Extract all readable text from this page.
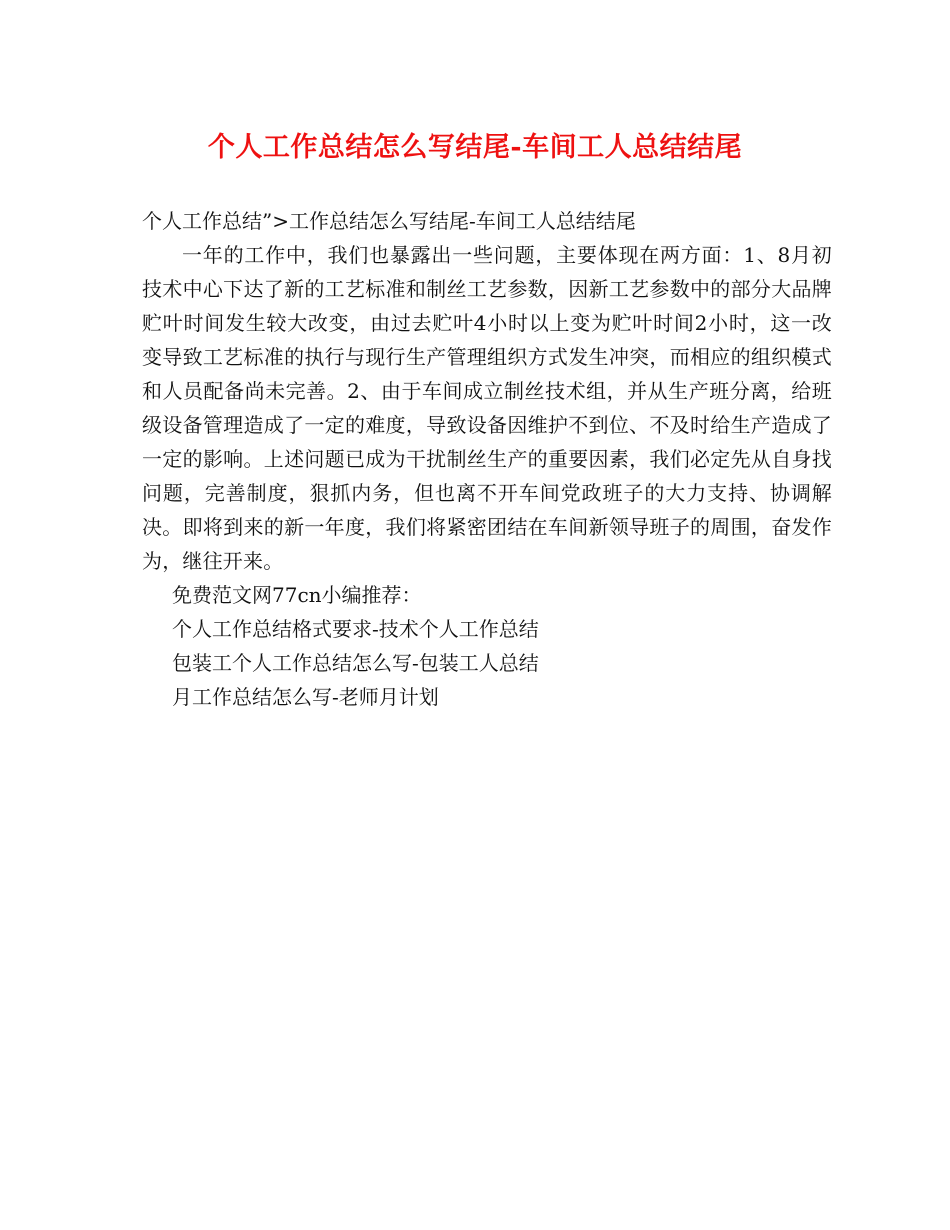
个人工作总结怎么写结尾-车间工人总结结尾

个人工作总结”>工作总结怎么写结尾-车间工人总结结尾

一年的工作中，我们也暴露出一些问题，主要体现在两方面：1、8月初技术中心下达了新的工艺标准和制丝工艺参数，因新工艺参数中的部分大品牌贮叶时间发生较大改变，由过去贮叶4小时以上变为贮叶时间2小时，这一改变导致工艺标准的执行与现行生产管理组织方式发生冲突，而相应的组织模式和人员配备尚未完善。2、由于车间成立制丝技术组，并从生产班分离，给班级设备管理造成了一定的难度，导致设备因维护不到位、不及时给生产造成了一定的影响。上述问题已成为干扰制丝生产的重要因素，我们必定先从自身找问题，完善制度，狠抓内务，但也离不开车间党政班子的大力支持、协调解决。即将到来的新一年度，我们将紧密团结在车间新领导班子的周围，奋发作为，继往开来。

免费范文网77cn小编推荐：

个人工作总结格式要求-技术个人工作总结

包装工个人工作总结怎么写-包装工人总结

月工作总结怎么写-老师月计划
